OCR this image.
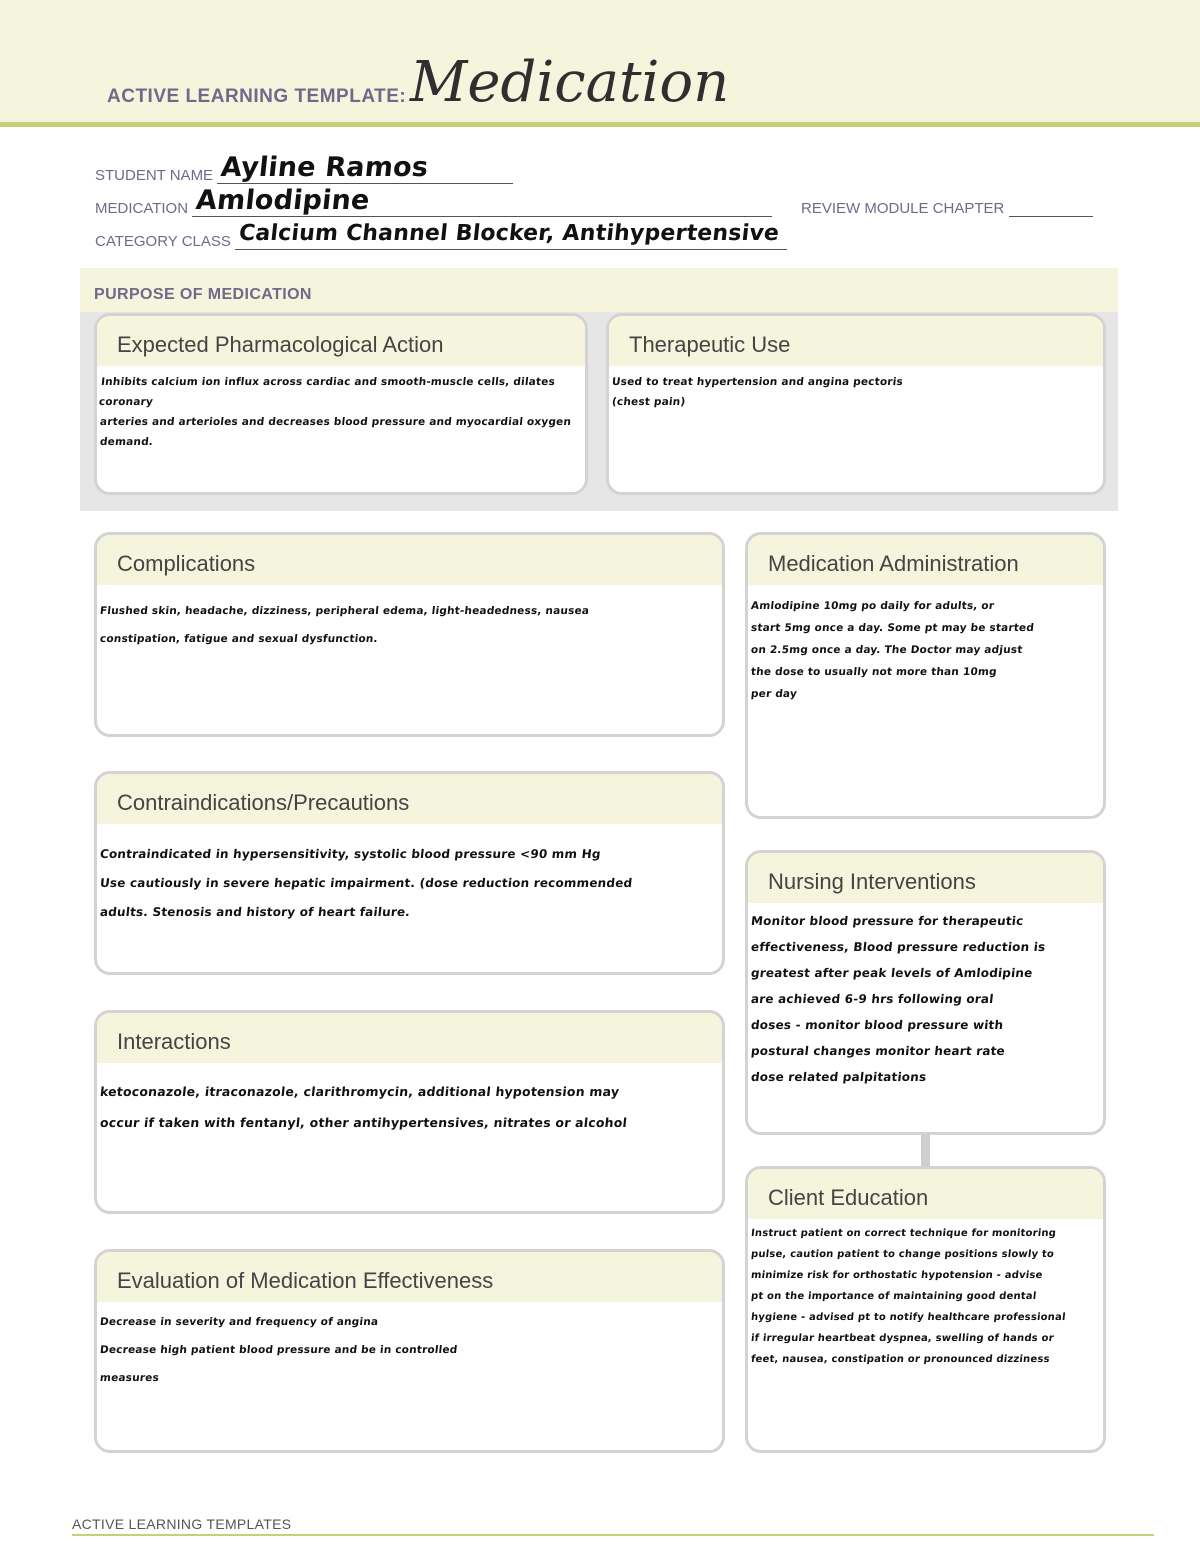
ACTIVE LEARNING TEMPLATE: Medication
STUDENT NAME Ayline Ramos
MEDICATION Amlodipine	REVIEW MODULE CHAPTER
CATEGORY CLASS Calcium Channel Blocker, Antihypertensive
PURPOSE OF MEDICATION
Expected Pharmacological Action
Inhibits calcium ion influx across cardiac and smooth-muscle cells, dilates coronary
arteries and arterioles and decreases blood pressure and myocardial oxygen
demand.
Therapeutic Use
Used to treat hypertension and angina pectoris
(chest pain)
Complications
Flushed skin, headache, dizziness, peripheral edema, light-headedness, nausea
constipation, fatigue and sexual dysfunction.
Medication Administration
Amlodipine 10mg po daily for adults, or
start 5mg once a day. Some pt may be started
on 2.5mg once a day. The Doctor may adjust
the dose to usually not more than 10mg
per day
Contraindications/Precautions
Contraindicated in hypersensitivity, systolic blood pressure <90 mm Hg
Use cautiously in severe hepatic impairment. (dose reduction recommended
adults. Stenosis and history of heart failure.
Nursing Interventions
Monitor blood pressure for therapeutic
effectiveness, Blood pressure reduction is
greatest after peak levels of Amlodipine
are achieved 6-9 hrs following oral
doses - monitor blood pressure with
postural changes monitor heart rate
dose related palpitations
Interactions
ketoconazole, itraconazole, clarithromycin, additional hypotension may
occur if taken with fentanyl, other antihypertensives, nitrates or alcohol
Client Education
Instruct patient on correct technique for monitoring
pulse, caution patient to change positions slowly to
minimize risk for orthostatic hypotension - advise
pt on the importance of maintaining good dental
hygiene - advised pt to notify healthcare professional
if irregular heartbeat dyspnea, swelling of hands or
feet, nausea, constipation or pronounced dizziness
Evaluation of Medication Effectiveness
Decrease in severity and frequency of angina
Decrease high patient blood pressure and be in controlled
measures
ACTIVE LEARNING TEMPLATES
